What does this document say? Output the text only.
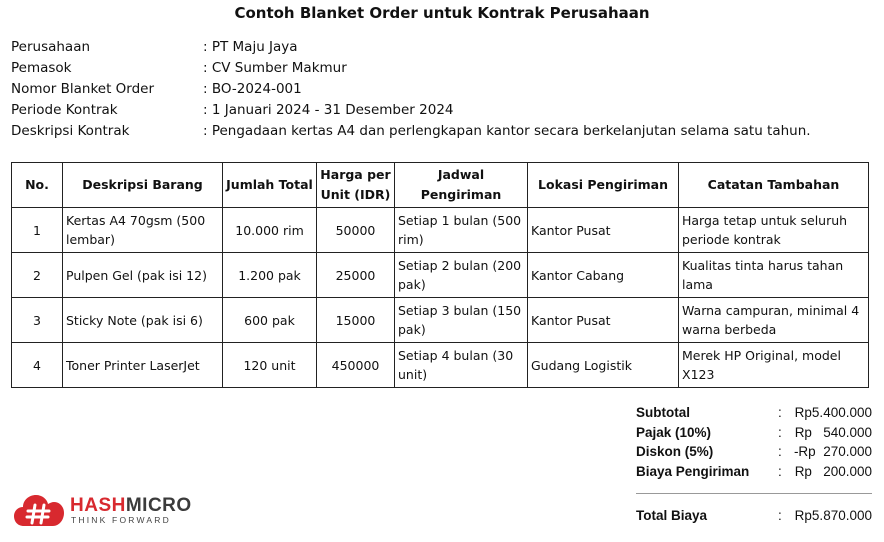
Contoh Blanket Order untuk Kontrak Perusahaan
Perusahaan	: PT Maju Jaya
Pemasok	: CV Sumber Makmur
Nomor Blanket Order	: BO-2024-001
Periode Kontrak	: 1 Januari 2024 - 31 Desember 2024
Deskripsi Kontrak	: Pengadaan kertas A4 dan perlengkapan kantor secara berkelanjutan selama satu tahun.
No.	Deskripsi Barang	Jumlah Total	Harga per Unit (IDR)	Jadwal Pengiriman	Lokasi Pengiriman	Catatan Tambahan
1	Kertas A4 70gsm (500 lembar)	10.000 rim	50000	Setiap 1 bulan (500 rim)	Kantor Pusat	Harga tetap untuk seluruh periode kontrak
2	Pulpen Gel (pak isi 12)	1.200 pak	25000	Setiap 2 bulan (200 pak)	Kantor Cabang	Kualitas tinta harus tahan lama
3	Sticky Note (pak isi 6)	600 pak	15000	Setiap 3 bulan (150 pak)	Kantor Pusat	Warna campuran, minimal 4 warna berbeda
4	Toner Printer LaserJet	120 unit	450000	Setiap 4 bulan (30 unit)	Gudang Logistik	Merek HP Original, model X123
Subtotal	: Rp5.400.000
Pajak (10%)	: Rp   540.000
Diskon (5%)	: -Rp  270.000
Biaya Pengiriman : Rp   200.000
Total Biaya	: Rp5.870.000
HASHMICRO
THINK FORWARD
